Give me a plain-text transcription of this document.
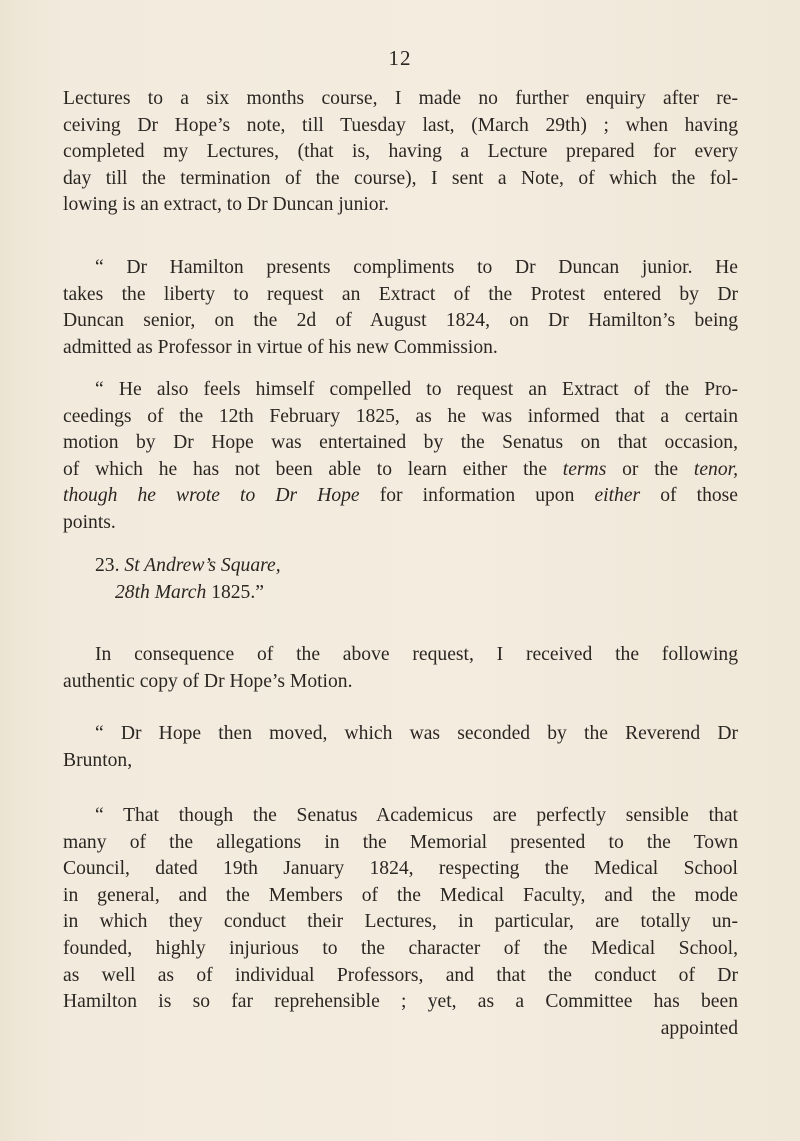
12
Lectures to a six months course, I made no further enquiry after re-
ceiving Dr Hope’s note, till Tuesday last, (March 29th) ; when having
completed my Lectures, (that is, having a Lecture prepared for every
day till the termination of the course), I sent a Note, of which the fol-
lowing is an extract, to Dr Duncan junior.
“ Dr Hamilton presents compliments to Dr Duncan junior. He
takes the liberty to request an Extract of the Protest entered by Dr
Duncan senior, on the 2d of August 1824, on Dr Hamilton’s being
admitted as Professor in virtue of his new Commission.
“ He also feels himself compelled to request an Extract of the Pro-
ceedings of the 12th February 1825, as he was informed that a certain
motion by Dr Hope was entertained by the Senatus on that occasion,
of which he has not been able to learn either the terms or the tenor,
though he wrote to Dr Hope for information upon either of those
points.
23. St Andrew’s Square,
28th March 1825.”
In consequence of the above request, I received the following
authentic copy of Dr Hope’s Motion.
“ Dr Hope then moved, which was seconded by the Reverend Dr
Brunton,
“ That though the Senatus Academicus are perfectly sensible that
many of the allegations in the Memorial presented to the Town
Council, dated 19th January 1824, respecting the Medical School
in general, and the Members of the Medical Faculty, and the mode
in which they conduct their Lectures, in particular, are totally un-
founded, highly injurious to the character of the Medical School,
as well as of individual Professors, and that the conduct of Dr
Hamilton is so far reprehensible ; yet, as a Committee has been
appointed
